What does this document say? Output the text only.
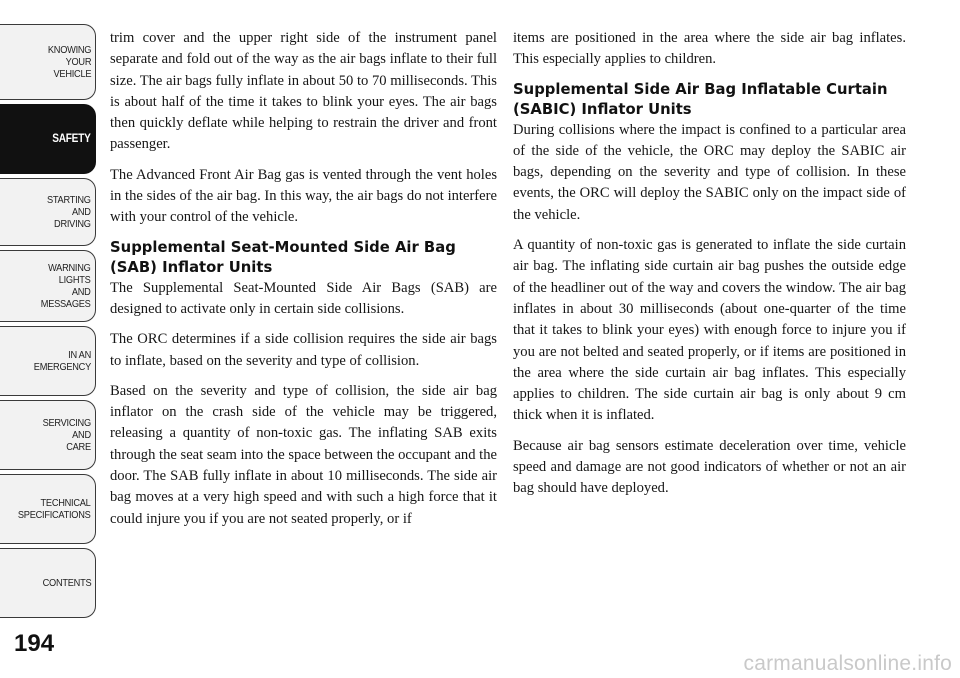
KNOWING
YOUR
VEHICLE
SAFETY
STARTING
AND
DRIVING
WARNING
LIGHTS
AND
MESSAGES
IN AN
EMERGENCY
SERVICING
AND
CARE
TECHNICAL
SPECIFICATIONS
CONTENTS
194

trim cover and the upper right side of the instrument panel separate and fold out of the way as the air bags inflate to their full size. The air bags fully inflate in about 50 to 70 milliseconds. This is about half of the time it takes to blink your eyes. The air bags then quickly deflate while helping to restrain the driver and front passenger.

The Advanced Front Air Bag gas is vented through the vent holes in the sides of the air bag. In this way, the air bags do not interfere with your control of the vehicle.

Supplemental Seat-Mounted Side Air Bag (SAB) Inflator Units

The Supplemental Seat-Mounted Side Air Bags (SAB) are designed to activate only in certain side collisions.

The ORC determines if a side collision requires the side air bags to inflate, based on the severity and type of collision.

Based on the severity and type of collision, the side air bag inflator on the crash side of the vehicle may be triggered, releasing a quantity of non-toxic gas. The inflating SAB exits through the seat seam into the space between the occupant and the door. The SAB fully inflate in about 10 milliseconds. The side air bag moves at a very high speed and with such a high force that it could injure you if you are not seated properly, or if

items are positioned in the area where the side air bag inflates. This especially applies to children.

Supplemental Side Air Bag Inflatable Curtain (SABIC) Inflator Units

During collisions where the impact is confined to a particular area of the side of the vehicle, the ORC may deploy the SABIC air bags, depending on the severity and type of collision. In these events, the ORC will deploy the SABIC only on the impact side of the vehicle.

A quantity of non-toxic gas is generated to inflate the side curtain air bag. The inflating side curtain air bag pushes the outside edge of the headliner out of the way and covers the window. The air bag inflates in about 30 milliseconds (about one-quarter of the time that it takes to blink your eyes) with enough force to injure you if you are not belted and seated properly, or if items are positioned in the area where the side curtain air bag inflates. This especially applies to children. The side curtain air bag is only about 9 cm thick when it is inflated.

Because air bag sensors estimate deceleration over time, vehicle speed and damage are not good indicators of whether or not an air bag should have deployed.

carmanualsonline.info
